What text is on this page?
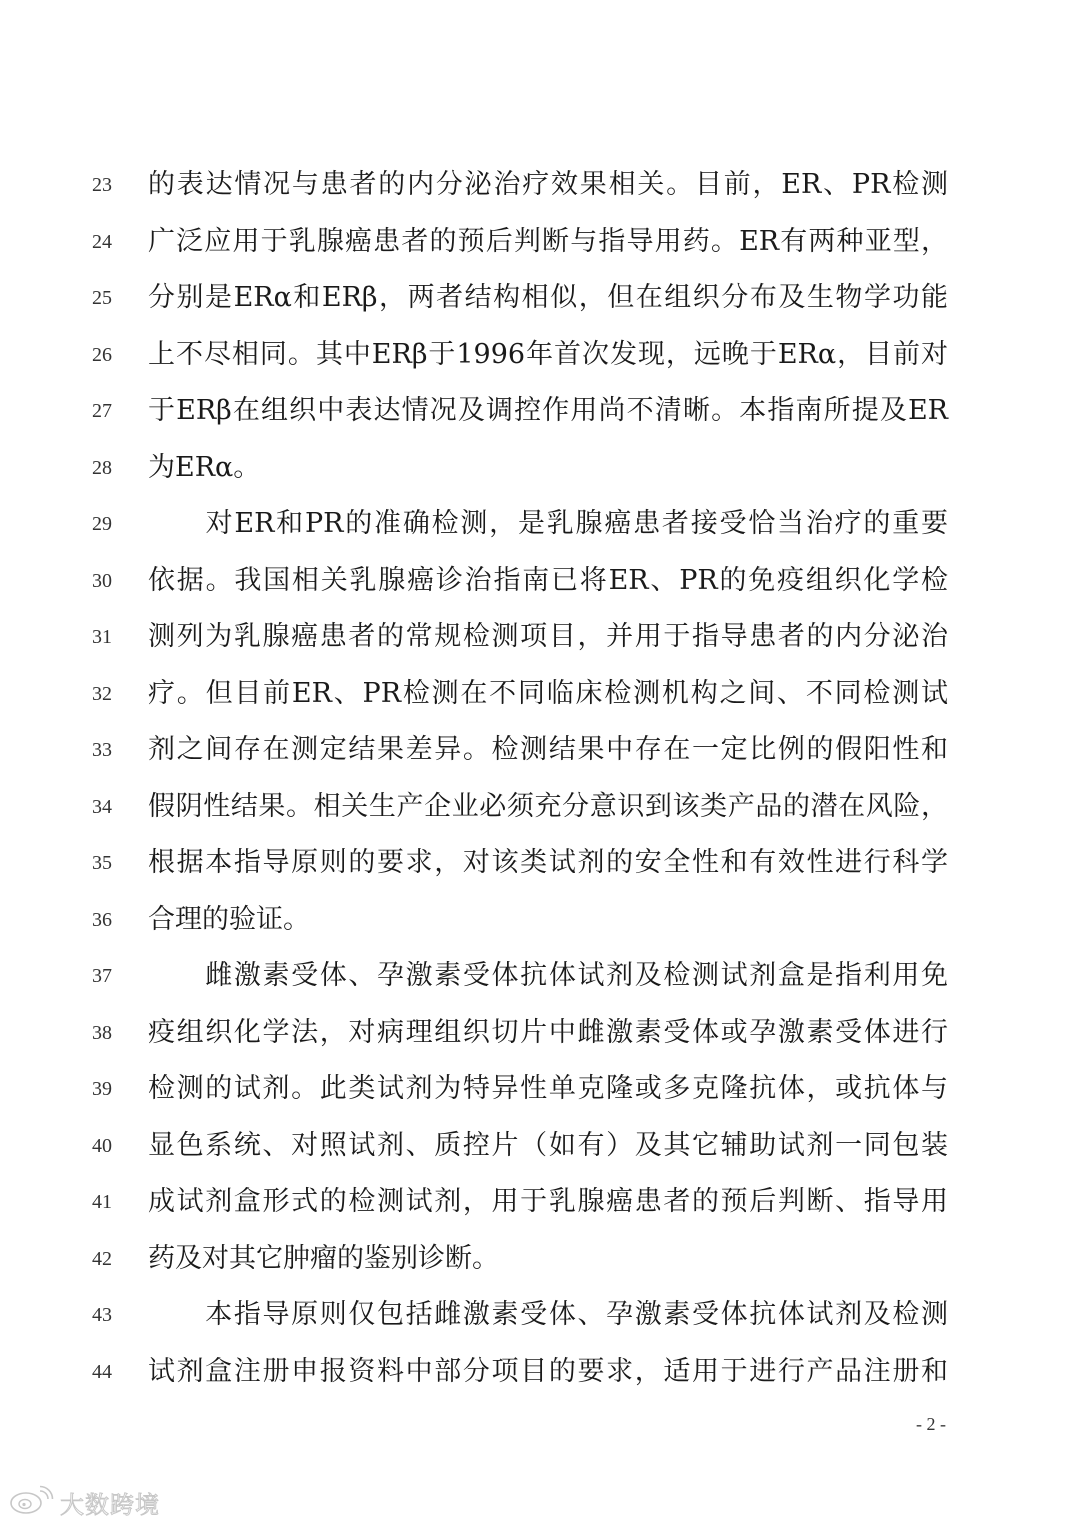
23	的表达情况与患者的内分泌治疗效果相关。目前，ER、PR检测
24	广泛应用于乳腺癌患者的预后判断与指导用药。ER有两种亚型，
25	分别是ERα和ERβ，两者结构相似，但在组织分布及生物学功能
26	上不尽相同。其中ERβ于1996年首次发现，远晚于ERα，目前对
27	于ERβ在组织中表达情况及调控作用尚不清晰。本指南所提及ER
28	为ERα。
29	　　对ER和PR的准确检测，是乳腺癌患者接受恰当治疗的重要
30	依据。我国相关乳腺癌诊治指南已将ER、PR的免疫组织化学检
31	测列为乳腺癌患者的常规检测项目，并用于指导患者的内分泌治
32	疗。但目前ER、PR检测在不同临床检测机构之间、不同检测试
33	剂之间存在测定结果差异。检测结果中存在一定比例的假阳性和
34	假阴性结果。相关生产企业必须充分意识到该类产品的潜在风险，
35	根据本指导原则的要求，对该类试剂的安全性和有效性进行科学
36	合理的验证。
37	　　雌激素受体、孕激素受体抗体试剂及检测试剂盒是指利用免
38	疫组织化学法，对病理组织切片中雌激素受体或孕激素受体进行
39	检测的试剂。此类试剂为特异性单克隆或多克隆抗体，或抗体与
40	显色系统、对照试剂、质控片（如有）及其它辅助试剂一同包装
41	成试剂盒形式的检测试剂，用于乳腺癌患者的预后判断、指导用
42	药及对其它肿瘤的鉴别诊断。
43	　　本指导原则仅包括雌激素受体、孕激素受体抗体试剂及检测
44	试剂盒注册申报资料中部分项目的要求，适用于进行产品注册和
- 2 -
大数跨境
